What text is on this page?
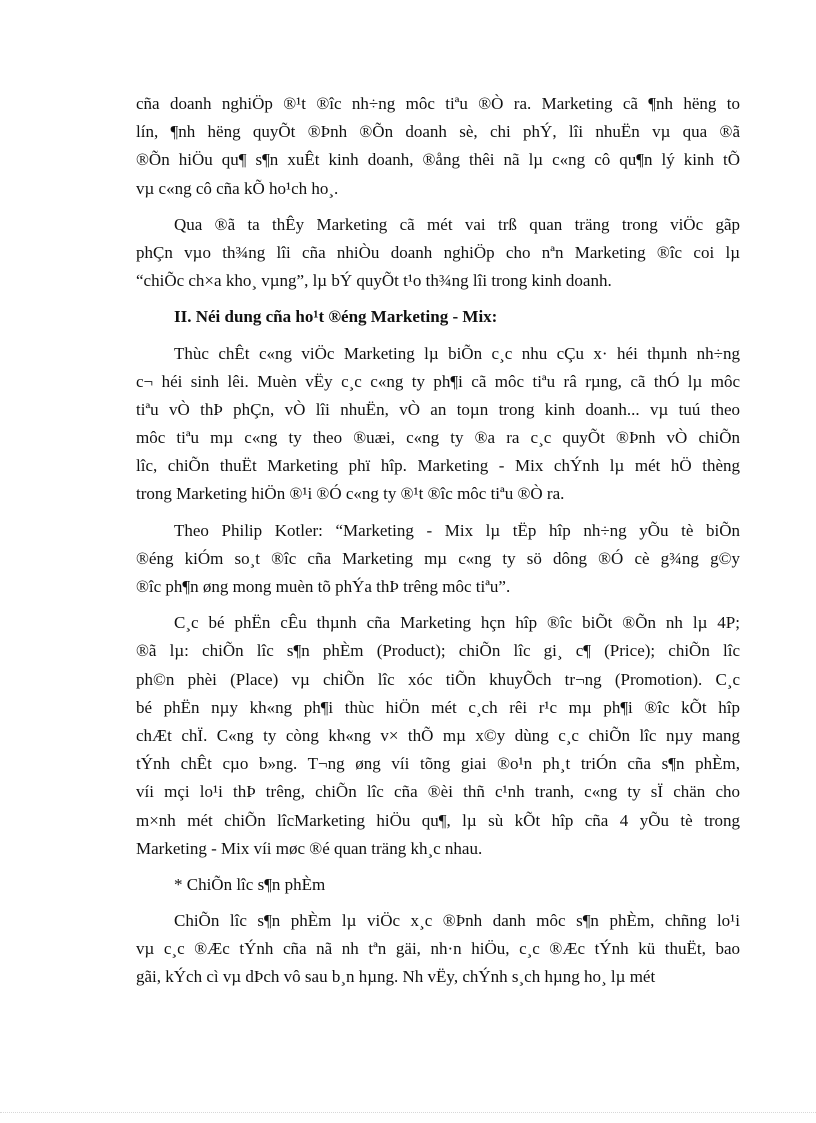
cña doanh nghiÖp ®¹t ®îc nh÷ng môc tiªu ®Ò ra. Marketing cã ¶nh hëng to
lín, ¶nh hëng quyÕt ®Þnh ®Õn doanh sè, chi phÝ, lîi nhuËn vµ qua ®ã
®Õn hiÖu qu¶ s¶n xuÊt kinh doanh, ®ång thêi nã lµ c«ng cô qu¶n lý kinh tÕ
vµ c«ng cô cña kÕ ho¹ch ho¸.
Qua ®ã ta thÊy Marketing cã mét vai trß quan träng trong viÖc gãp
phÇn vµo th¾ng lîi cña nhiÒu doanh nghiÖp cho nªn Marketing ®îc coi lµ
“chiÕc ch×a kho¸ vµng”, lµ bÝ quyÕt t¹o th¾ng lîi trong kinh doanh.
II. Néi dung cña ho¹t ®éng Marketing - Mix:
Thùc chÊt c«ng viÖc Marketing lµ biÕn c¸c nhu cÇu x· héi thµnh nh÷ng
c¬ héi sinh lêi. Muèn vËy c¸c c«ng ty ph¶i cã môc tiªu râ rµng, cã thÓ lµ môc
tiªu vÒ thÞ phÇn, vÒ lîi nhuËn, vÒ an toµn trong kinh doanh... vµ tuú theo
môc tiªu mµ c«ng ty theo ®uæi, c«ng ty ®a ra c¸c quyÕt ®Þnh vÒ chiÕn
lîc, chiÕn thuËt Marketing phï hîp. Marketing - Mix chÝnh lµ mét hÖ thèng
trong Marketing hiÖn ®¹i ®Ó c«ng ty ®¹t ®îc môc tiªu ®Ò ra.
Theo Philip Kotler: “Marketing - Mix lµ tËp hîp nh÷ng yÕu tè biÕn
®éng kiÓm so¸t ®îc cña Marketing mµ c«ng ty sö dông ®Ó cè g¾ng g©y
®îc ph¶n øng mong muèn tõ phÝa thÞ trêng môc tiªu”.
C¸c bé phËn cÊu thµnh cña Marketing hçn hîp ®îc biÕt ®Õn nh lµ 4P;
®ã lµ: chiÕn lîc s¶n phÈm (Product); chiÕn lîc gi¸ c¶ (Price); chiÕn lîc
ph©n phèi (Place) vµ chiÕn lîc xóc tiÕn khuyÕch tr¬ng (Promotion). C¸c
bé phËn nµy kh«ng ph¶i thùc hiÖn mét c¸ch rêi r¹c mµ ph¶i ®îc kÕt hîp
chÆt chÏ. C«ng ty còng kh«ng v× thÕ mµ x©y dùng c¸c chiÕn lîc nµy mang
tÝnh chÊt cµo b»ng. T¬ng øng víi tõng giai ®o¹n ph¸t triÓn cña s¶n phÈm,
víi mçi lo¹i thÞ trêng, chiÕn lîc cña ®èi thñ c¹nh tranh, c«ng ty sÏ chän cho
m×nh mét chiÕn lîcMarketing hiÖu qu¶, lµ sù kÕt hîp cña 4 yÕu tè trong
Marketing - Mix víi møc ®é quan träng kh¸c nhau.
* ChiÕn lîc s¶n phÈm
ChiÕn lîc s¶n phÈm lµ viÖc x¸c ®Þnh danh môc s¶n phÈm, chñng lo¹i
vµ c¸c ®Æc tÝnh cña nã nh tªn gäi, nh·n hiÖu, c¸c ®Æc tÝnh kü thuËt, bao
gãi, kÝch cì vµ dÞch vô sau b¸n hµng. Nh vËy, chÝnh s¸ch hµng ho¸ lµ mét
